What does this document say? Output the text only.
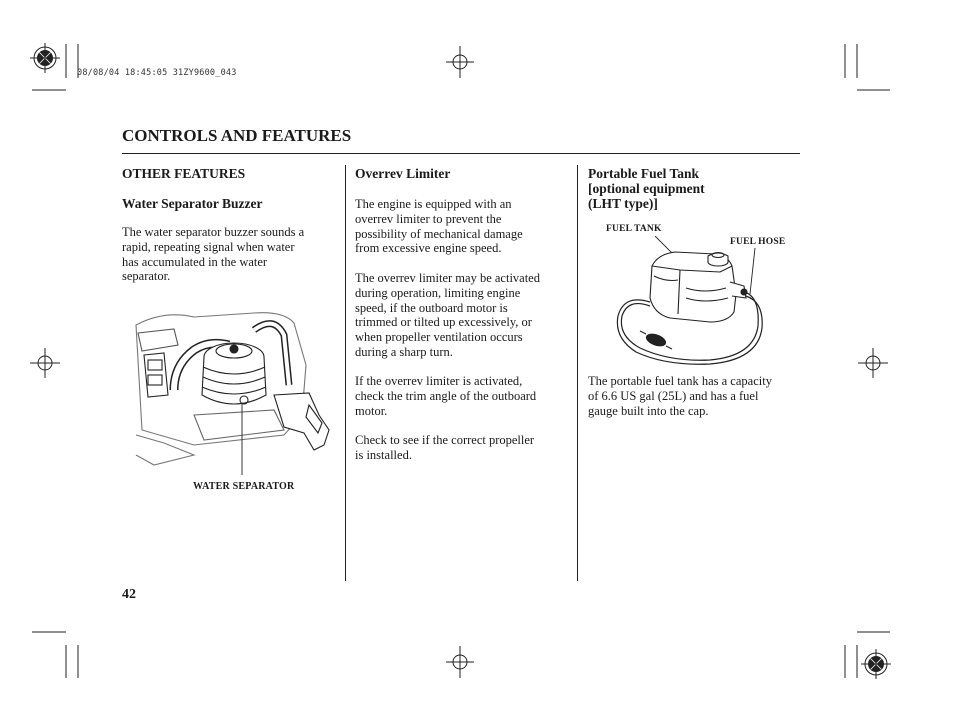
08/08/04 18:45:05 31ZY9600_043
CONTROLS AND FEATURES
OTHER FEATURES
Water Separator Buzzer
The water separator buzzer sounds a
rapid, repeating signal when water
has accumulated in the water
separator.
WATER SEPARATOR
Overrev Limiter
The engine is equipped with an
overrev limiter to prevent the
possibility of mechanical damage
from excessive engine speed.
The overrev limiter may be activated
during operation, limiting engine
speed, if the outboard motor is
trimmed or tilted up excessively, or
when propeller ventilation occurs
during a sharp turn.
If the overrev limiter is activated,
check the trim angle of the outboard
motor.
Check to see if the correct propeller
is installed.
Portable Fuel Tank
[optional equipment
(LHT type)]
FUEL TANK
FUEL HOSE
The portable fuel tank has a capacity
of 6.6 US gal (25L) and has a fuel
gauge built into the cap.
42
